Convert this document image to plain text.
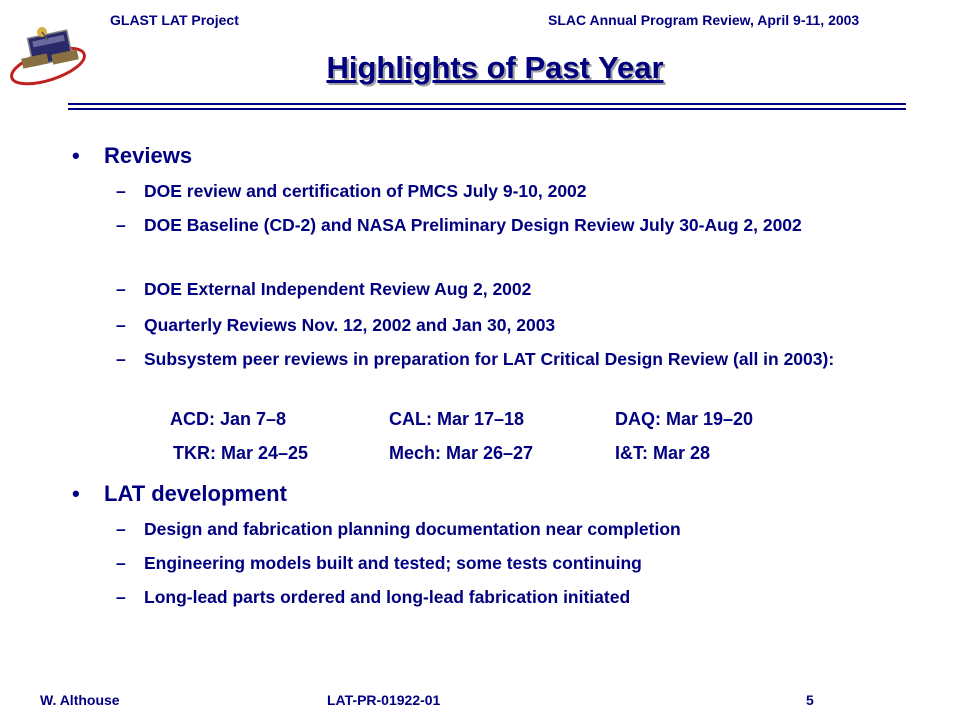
GLAST LAT Project	SLAC Annual Program Review, April 9-11, 2003
Highlights of Past Year
• Reviews
– DOE review and certification of PMCS July 9-10, 2002
– DOE Baseline (CD-2) and NASA Preliminary Design Review July 30-Aug 2, 2002
– DOE External Independent Review Aug 2, 2002
– Quarterly Reviews Nov. 12, 2002 and Jan 30, 2003
– Subsystem peer reviews in preparation for LAT Critical Design Review (all in 2003):
ACD: Jan 7–8	CAL: Mar 17–18	DAQ: Mar 19–20
TKR: Mar 24–25	Mech: Mar 26–27	I&T: Mar 28
• LAT development
– Design and fabrication planning documentation near completion
– Engineering models built and tested; some tests continuing
– Long-lead parts ordered and long-lead fabrication initiated
W. Althouse	LAT-PR-01922-01	5
